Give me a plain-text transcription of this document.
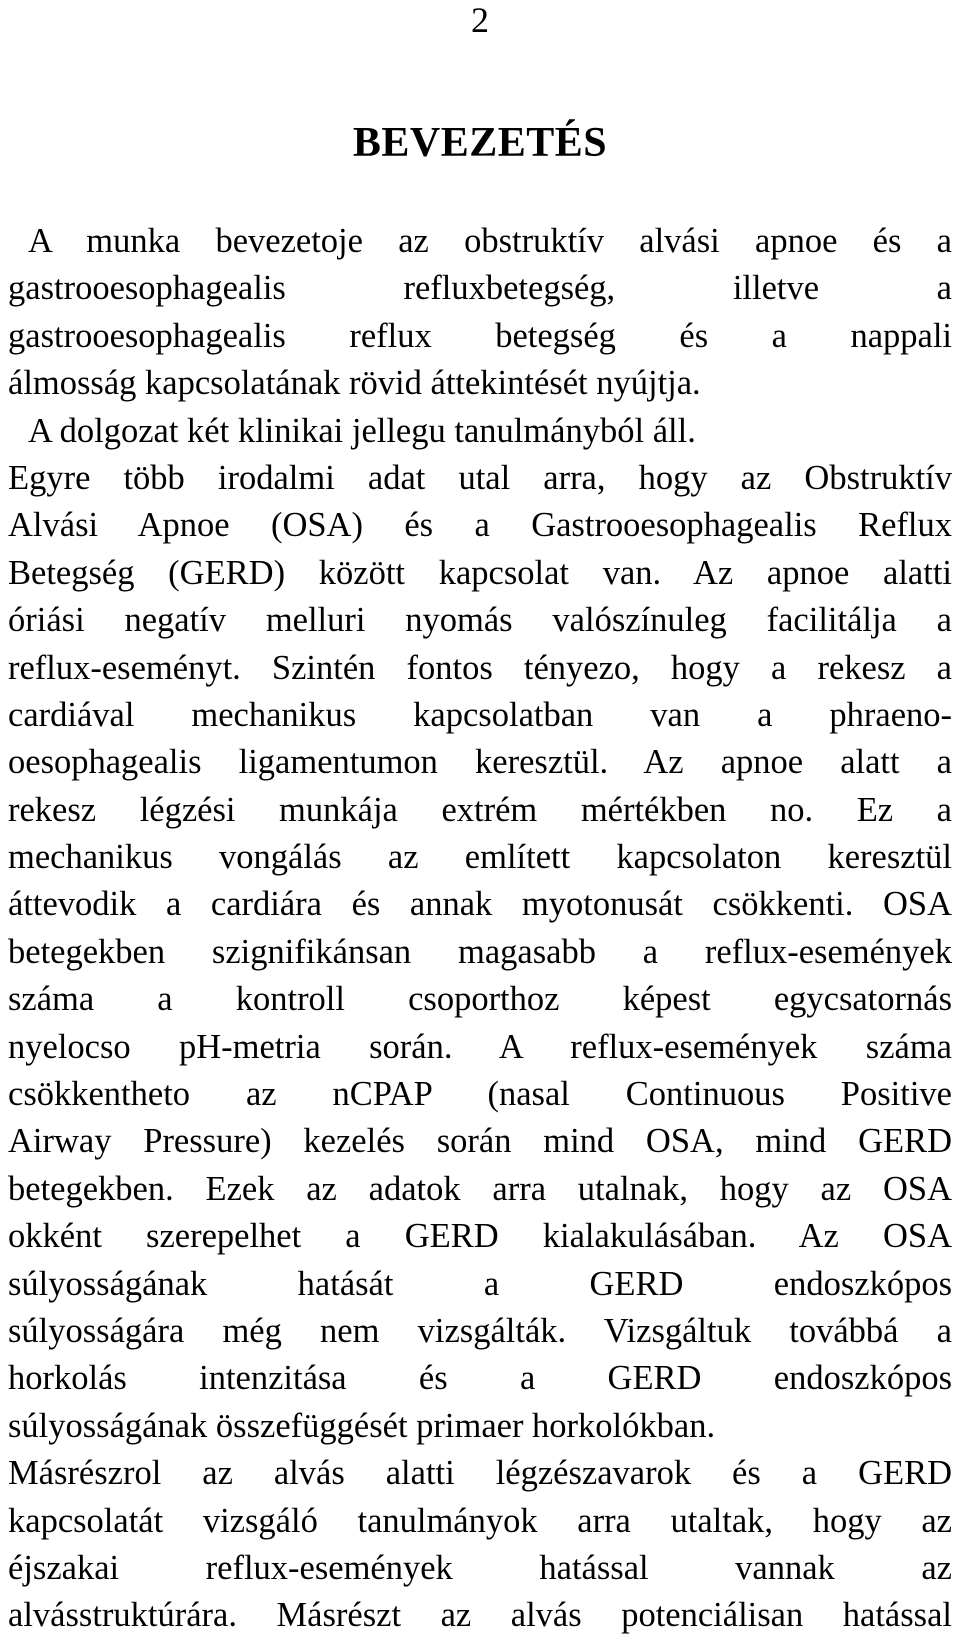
2
BEVEZETÉS
A munka bevezetoje az obstruktív alvási apnoe és a
gastrooesophagealis refluxbetegség, illetve a
gastrooesophagealis reflux betegség és a nappali
álmosság kapcsolatának rövid áttekintését nyújtja.
A dolgozat két klinikai jellegu tanulmányból áll.
Egyre több irodalmi adat utal arra, hogy az Obstruktív
Alvási Apnoe (OSA) és a Gastrooesophagealis Reflux
Betegség (GERD) között kapcsolat van. Az apnoe alatti
óriási negatív melluri nyomás valószínuleg facilitálja a
reflux-eseményt. Szintén fontos tényezo, hogy a rekesz a
cardiával mechanikus kapcsolatban van a phraeno-
oesophagealis ligamentumon keresztül. Az apnoe alatt a
rekesz légzési munkája extrém mértékben no. Ez a
mechanikus vongálás az említett kapcsolaton keresztül
áttevodik a cardiára és annak myotonusát csökkenti. OSA
betegekben szignifikánsan magasabb a reflux-események
száma a kontroll csoporthoz képest egycsatornás
nyelocso pH-metria során. A reflux-események száma
csökkentheto az nCPAP (nasal Continuous Positive
Airway Pressure) kezelés során mind OSA, mind GERD
betegekben. Ezek az adatok arra utalnak, hogy az OSA
okként szerepelhet a GERD kialakulásában. Az OSA
súlyosságának hatását a GERD endoszkópos
súlyosságára még nem vizsgálták. Vizsgáltuk továbbá a
horkolás intenzitása és a GERD endoszkópos
súlyosságának összefüggését primaer horkolókban.
Másrészrol az alvás alatti légzészavarok és a GERD
kapcsolatát vizsgáló tanulmányok arra utaltak, hogy az
éjszakai reflux-események hatással vannak az
alvásstruktúrára. Másrészt az alvás potenciálisan hatással
